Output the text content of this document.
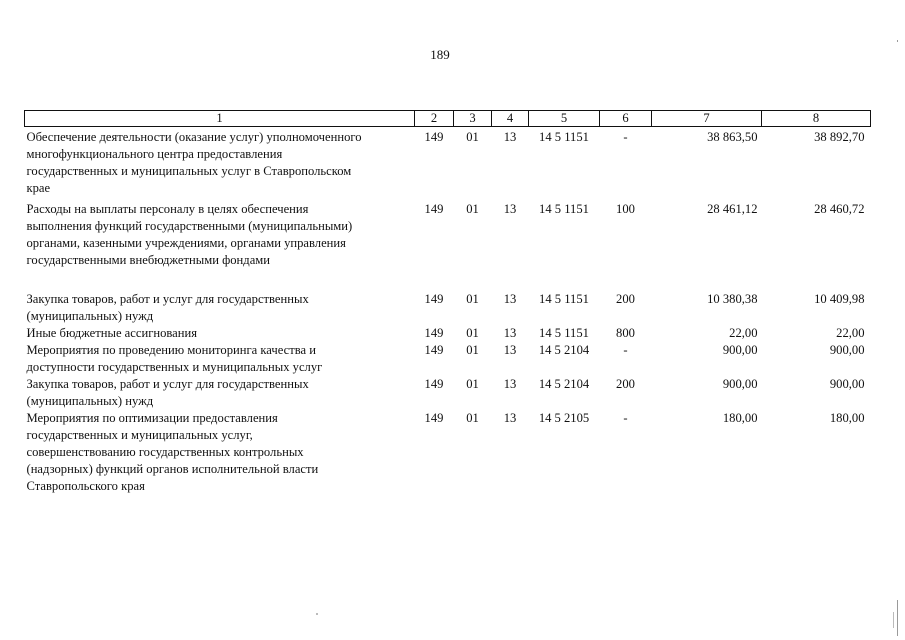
189
1	2	3	4	5	6	7	8

Обеспечение деятельности (оказание услуг) уполномоченного
многофункционального центра предоставления
государственных и муниципальных услуг в Ставропольском
крае	149	01	13	14 5 1151	-	38 863,50	38 892,70

Расходы на выплаты персоналу в целях обеспечения
выполнения функций государственными (муниципальными)
органами, казенными учреждениями, органами управления
государственными внебюджетными фондами	149	01	13	14 5 1151	100	28 461,12	28 460,72

Закупка товаров, работ и услуг для государственных
(муниципальных) нужд	149	01	13	14 5 1151	200	10 380,38	10 409,98

Иные бюджетные ассигнования	149	01	13	14 5 1151	800	22,00	22,00

Мероприятия по проведению мониторинга качества и
доступности государственных и муниципальных услуг	149	01	13	14 5 2104	-	900,00	900,00

Закупка товаров, работ и услуг для государственных
(муниципальных) нужд	149	01	13	14 5 2104	200	900,00	900,00

Мероприятия по оптимизации предоставления
государственных и муниципальных услуг,
совершенствованию государственных контрольных
(надзорных) функций органов исполнительной власти
Ставропольского края	149	01	13	14 5 2105	-	180,00	180,00
